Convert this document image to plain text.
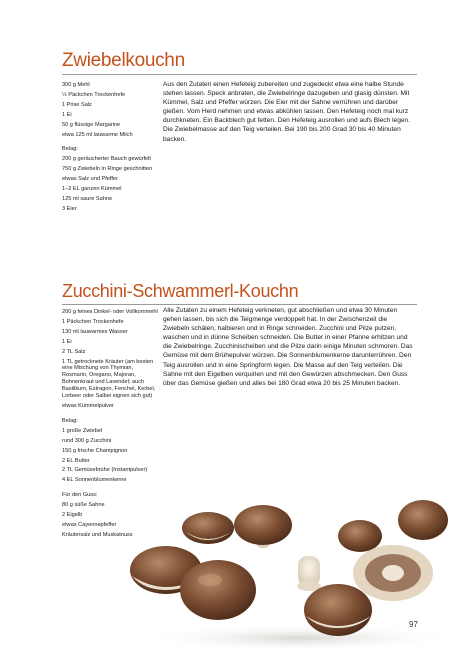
Zwiebelkouchn
300 g Mehl
½ Päckchen Trockenhefe
1 Prise Salz
1 Ei
50 g flüssige Margarine
etwa 125 ml lauwarme Milch
Belag:
200 g geräucherter Bauch gewürfelt
750 g Zwiebeln in Ringe geschnitten
etwas Salz und Pfeffer
1–2 EL ganzen Kümmel
125 ml saure Sahne
3 Eier

Aus den Zutaten einen Hefeteig zubereiten und zugedeckt etwa eine halbe Stunde stehen lassen. Speck anbraten, die Zwiebelringe dazugeben und glasig dünsten. Mit Kümmel, Salz und Pfeffer würzen. Die Eier mit der Sahne verrühren und darüber gießen. Vom Herd nehmen und etwas abkühlen lassen. Den Hefeteig noch mal kurz durchkneten. Ein Backblech gut fetten. Den Hefeteig ausrollen und aufs Blech legen. Die Zwiebelmasse auf den Teig verteilen. Bei 190 bis 200 Grad 30 bis 40 Minuten backen.

Zucchini-Schwammerl-Kouchn
200 g feines Dinkel- oder Vollkornmehl
1 Päckchen Trockenhefe
130 ml lauwarmes Wasser
1 Ei
2 TL Salz
1 TL getrocknete Kräuter (am besten eine Mischung von Thymian, Rosmarin, Oregano, Majoran, Bohnenkraut und Lavendel; auch Basilikum, Estragon, Fenchel, Kerbel, Lorbeer oder Salbei eignen sich gut)
etwas Kümmelpulver
Belag:
1 große Zwiebel
rund 300 g Zucchini
150 g frische Champignon
2 EL Butter
2 TL Gemüsebrühe (Instantpulver)
4 EL Sonnenblumenkerne
Für den Guss:
80 g süße Sahne
2 Eigelb
etwas Cayennepfeffer
Kräutersalz und Muskatnuss

Alle Zutaten zu einem Hefeteig verkneten, gut abschließen und etwa 30 Minuten gehen lassen, bis sich die Teigmenge verdoppelt hat. In der Zwischenzeit die Zwiebeln schälen, halbieren und in Ringe schneiden. Zucchini und Pilze putzen, waschen und in dünne Scheiben schneiden. Die Butter in einer Pfanne erhitzen und die Zwiebelringe, Zucchinischeiben und die Pilze darin einige Minuten schmoren. Das Gemüse mit dem Brühepulver würzen. Die Sonnenblumenkerne darunterrühren. Den Teig ausrollen und in eine Springform legen. Die Masse auf den Teig verteilen. Die Sahne mit den Eigelben verquirlen und mit den Gewürzen abschmecken. Den Guss über das Gemüse gießen und alles bei 180 Grad etwa 20 bis 25 Minuten backen.

97
